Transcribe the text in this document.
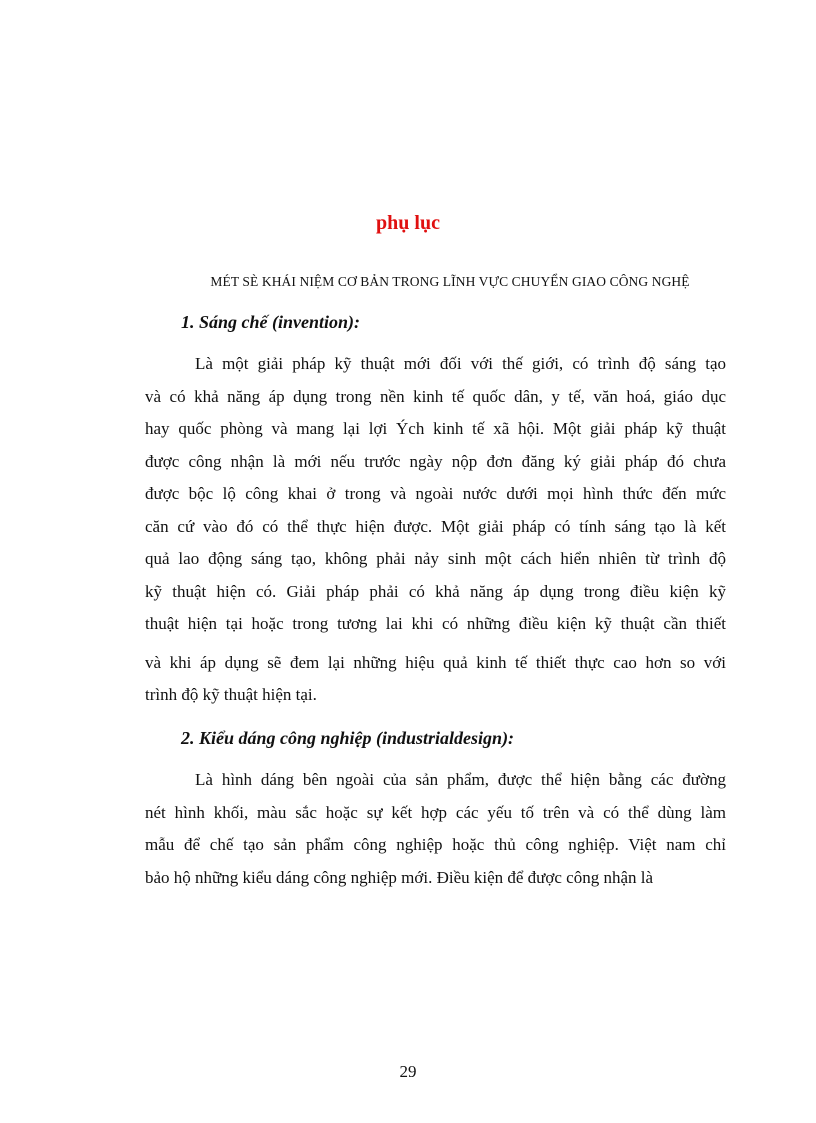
phụ lục

MÉT SÈ KHÁI NIỆM CƠ BẢN TRONG LĨNH VỰC CHUYỂN GIAO CÔNG NGHỆ

1. Sáng chế (invention):
Là một giải pháp kỹ thuật mới đối với thế giới, có trình độ sáng tạo
và có khả năng áp dụng trong nền kinh tế quốc dân, y tế, văn hoá, giáo dục
hay quốc phòng và mang lại lợi Ých kinh tế xã hội. Một giải pháp kỹ thuật
được công nhận là mới nếu trước ngày nộp đơn đăng ký giải pháp đó chưa
được bộc lộ công khai ở trong và ngoài nước dưới mọi hình thức đến mức
căn cứ vào đó có thể thực hiện được. Một giải pháp có tính sáng tạo là kết
quả lao động sáng tạo, không phải nảy sinh một cách hiển nhiên từ trình độ
kỹ thuật hiện có. Giải pháp phải có khả năng áp dụng trong điều kiện kỹ
thuật hiện tại hoặc trong tương lai khi có những điều kiện kỹ thuật cần thiết
và khi áp dụng sẽ đem lại những hiệu quả kinh tế thiết thực cao hơn so với
trình độ kỹ thuật hiện tại.
2. Kiểu dáng công nghiệp (industrialdesign):
Là hình dáng bên ngoài của sản phẩm, được thể hiện bằng các đường
nét hình khối, màu sắc hoặc sự kết hợp các yếu tố trên và có thể dùng làm
mẫu để chế tạo sản phẩm công nghiệp hoặc thủ công nghiệp. Việt nam chỉ
bảo hộ những kiểu dáng công nghiệp mới. Điều kiện để được công nhận là

29
